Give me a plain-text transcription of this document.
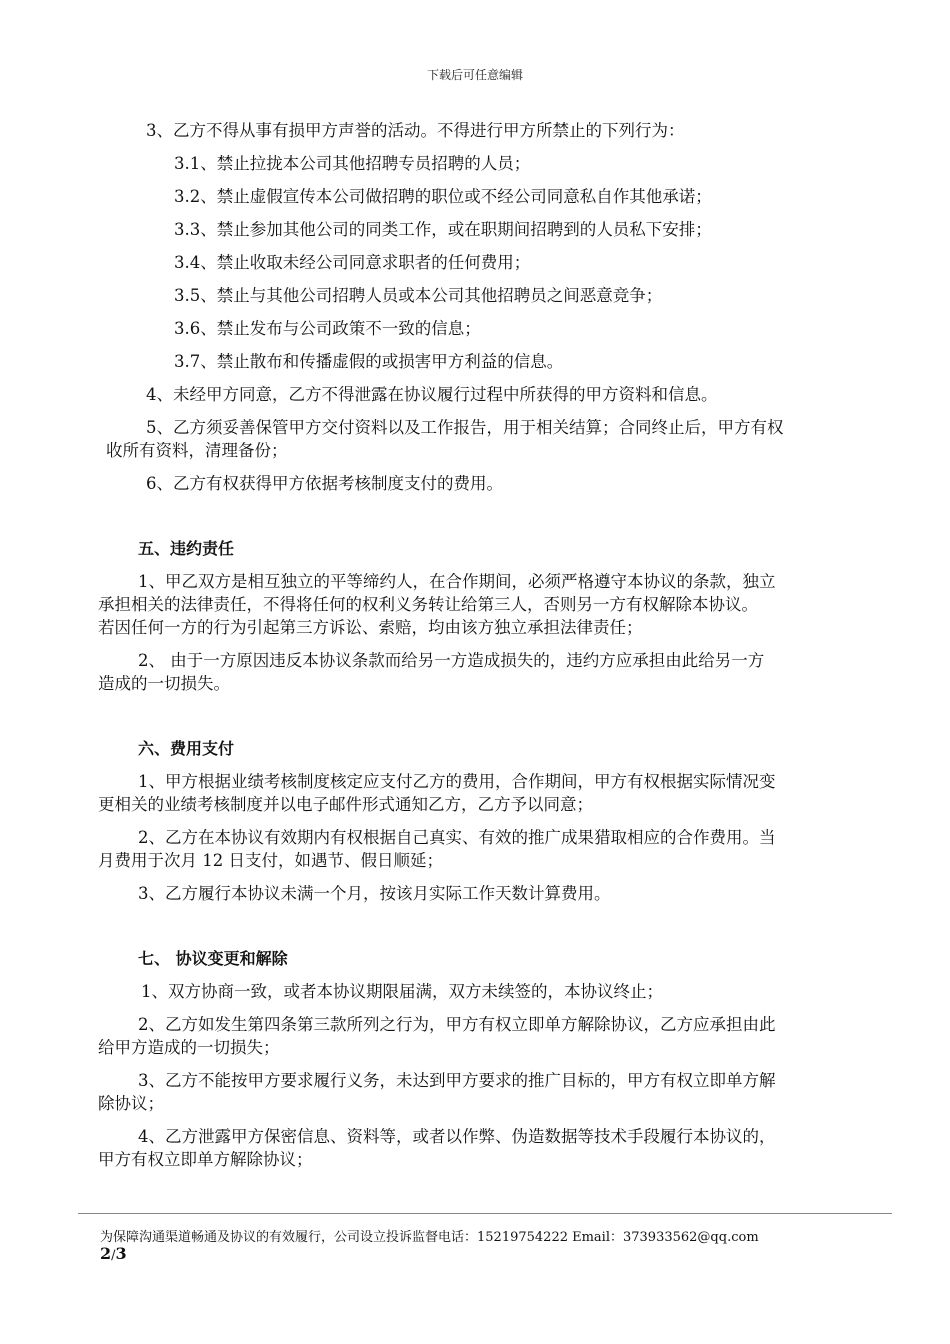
下载后可任意编辑
3、乙方不得从事有损甲方声誉的活动。不得进行甲方所禁止的下列行为：
3.1、禁止拉拢本公司其他招聘专员招聘的人员；
3.2、禁止虚假宣传本公司做招聘的职位或不经公司同意私自作其他承诺；
3.3、禁止参加其他公司的同类工作，或在职期间招聘到的人员私下安排；
3.4、禁止收取未经公司同意求职者的任何费用；
3.5、禁止与其他公司招聘人员或本公司其他招聘员之间恶意竞争；
3.6、禁止发布与公司政策不一致的信息；
3.7、禁止散布和传播虚假的或损害甲方利益的信息。
4、未经甲方同意，乙方不得泄露在协议履行过程中所获得的甲方资料和信息。
5、乙方须妥善保管甲方交付资料以及工作报告，用于相关结算；合同终止后，甲方有权
收所有资料，清理备份；
6、乙方有权获得甲方依据考核制度支付的费用。
五、违约责任
1、甲乙双方是相互独立的平等缔约人，在合作期间，必须严格遵守本协议的条款，独立
承担相关的法律责任，不得将任何的权利义务转让给第三人，否则另一方有权解除本协议。
若因任何一方的行为引起第三方诉讼、索赔，均由该方独立承担法律责任；
2、 由于一方原因违反本协议条款而给另一方造成损失的，违约方应承担由此给另一方
造成的一切损失。
六、费用支付
1、甲方根据业绩考核制度核定应支付乙方的费用，合作期间，甲方有权根据实际情况变
更相关的业绩考核制度并以电子邮件形式通知乙方，乙方予以同意；
2、乙方在本协议有效期内有权根据自己真实、有效的推广成果猎取相应的合作费用。当
月费用于次月 12 日支付，如遇节、假日顺延；
3、乙方履行本协议未满一个月，按该月实际工作天数计算费用。
七、 协议变更和解除
1、双方协商一致，或者本协议期限届满，双方未续签的，本协议终止；
2、乙方如发生第四条第三款所列之行为，甲方有权立即单方解除协议，乙方应承担由此
给甲方造成的一切损失；
3、乙方不能按甲方要求履行义务，未达到甲方要求的推广目标的，甲方有权立即单方解
除协议；
4、乙方泄露甲方保密信息、资料等，或者以作弊、伪造数据等技术手段履行本协议的，
甲方有权立即单方解除协议；
为保障沟通渠道畅通及协议的有效履行，公司设立投诉监督电话：15219754222 Email：373933562@qq.com
2/3
